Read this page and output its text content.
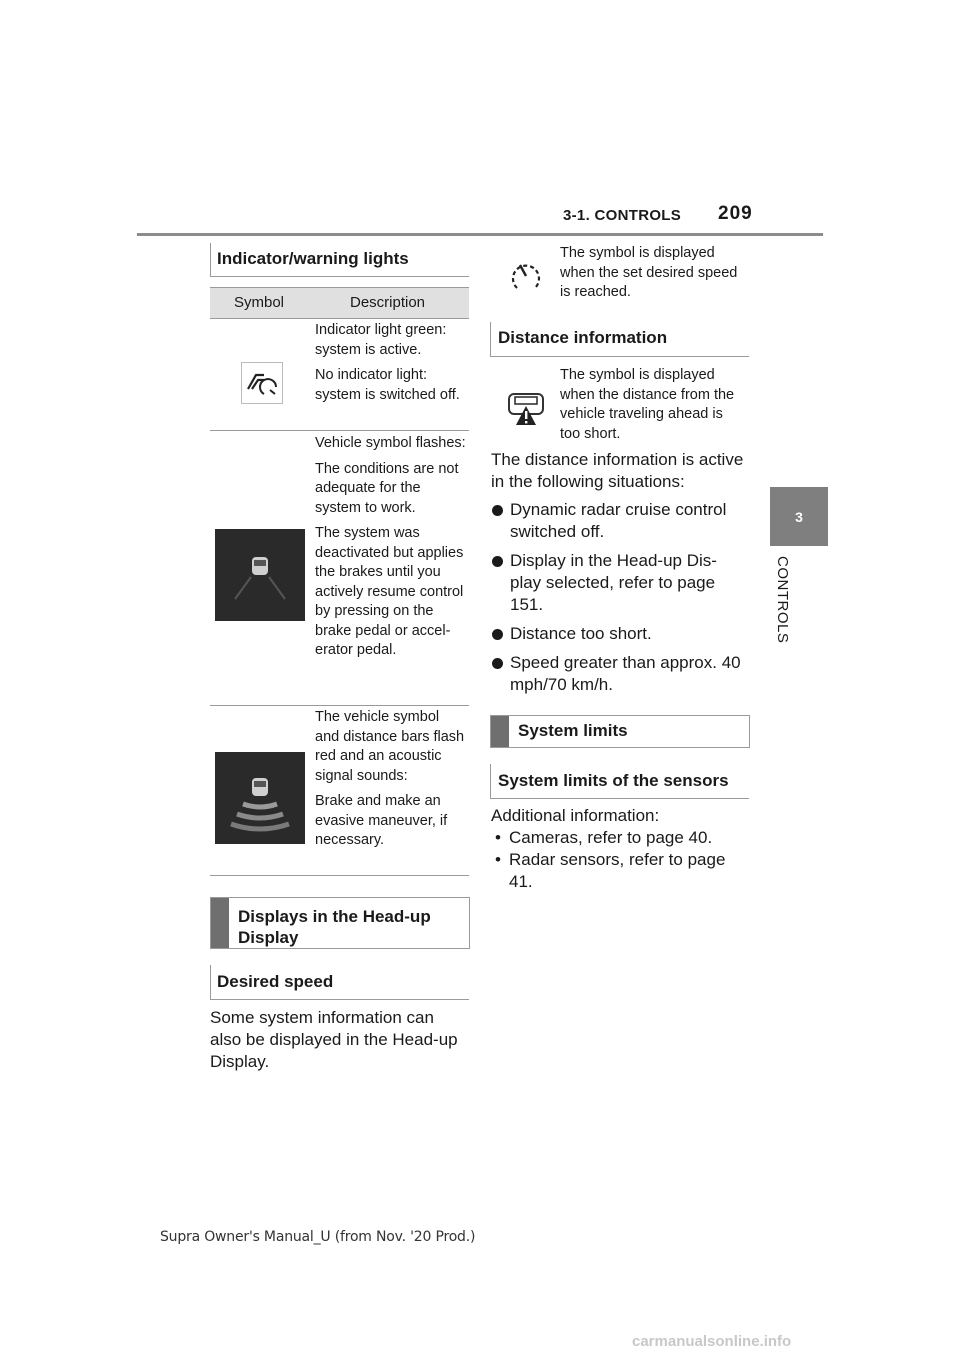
3-1. CONTROLS 209
3
CONTROLS
Indicator/warning lights
Symbol	Description

Indicator light green: system is active.

No indicator light: system is switched off.

Vehicle symbol flashes:

The conditions are not adequate for the system to work.

The system was deactivated but applies the brakes until you actively resume control by pressing on the brake pedal or accel-erator pedal.

The vehicle symbol and distance bars flash red and an acoustic signal sounds:

Brake and make an evasive maneuver, if necessary.

Displays in the Head-up Display
Desired speed
Some system information can also be displayed in the Head-up Display.
The symbol is displayed when the set desired speed is reached.
Distance information
The symbol is displayed when the distance from the vehicle traveling ahead is too short.
The distance information is active in the following situations:
Dynamic radar cruise control switched off.
Display in the Head-up Dis-play selected, refer to page 151.
Distance too short.
Speed greater than approx. 40 mph/70 km/h.
System limits
System limits of the sensors
Additional information:
• Cameras, refer to page 40.
• Radar sensors, refer to page 41.
Supra Owner's Manual_U (from Nov. '20 Prod.)
carmanualsonline.info
